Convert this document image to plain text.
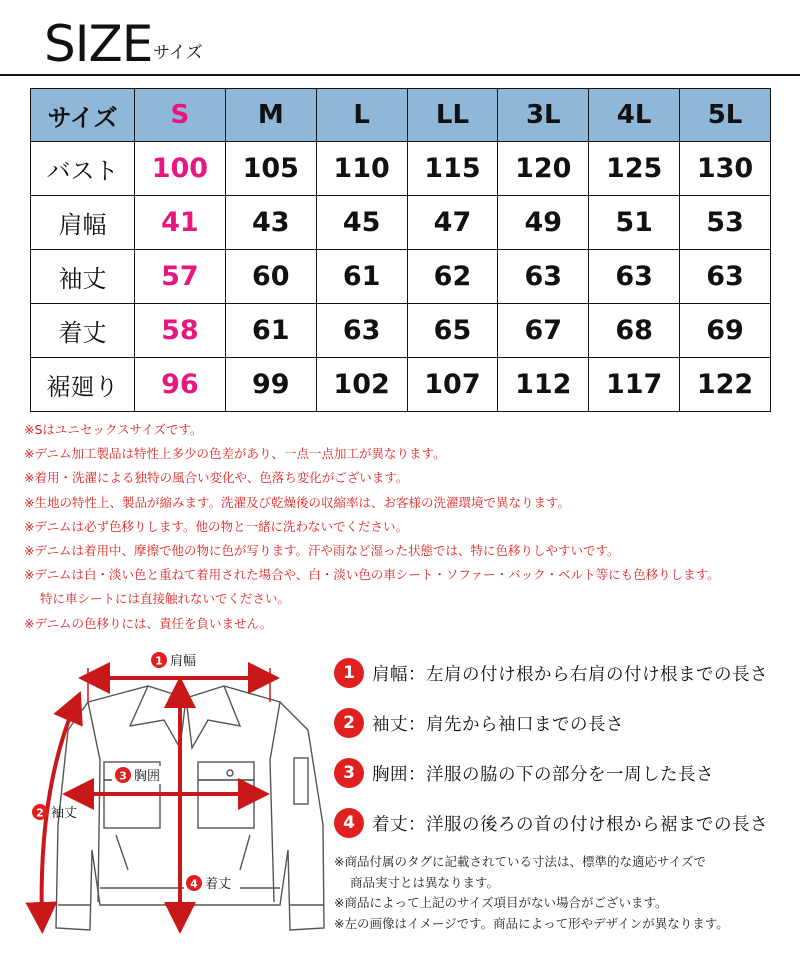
SIZE サイズ
サイズ	S	M	L	LL	3L	4L	5L
バスト	100	105	110	115	120	125	130
肩幅	41	43	45	47	49	51	53
袖丈	57	60	61	62	63	63	63
着丈	58	61	63	65	67	68	69
裾廻り	96	99	102	107	112	117	122
※Sはユニセックスサイズです。
※デニム加工製品は特性上多少の色差があり、一点一点加工が異なります。
※着用・洗濯による独特の風合い変化や、色落ち変化がございます。
※生地の特性上、製品が縮みます。洗濯及び乾燥後の収縮率は、お客様の洗濯環境で異なります。
※デニムは必ず色移りします。他の物と一緒に洗わないでください。
※デニムは着用中、摩擦で他の物に色が写ります。汗や雨など湿った状態では、特に色移りしやすいです。
※デニムは白・淡い色と重ねて着用された場合や、白・淡い色の車シート・ソファー・バック・ベルト等にも色移りします。
特に車シートには直接触れないでください。
※デニムの色移りには、責任を負いません。
1 肩幅
2 袖丈
3 胸囲
4 着丈
1 肩幅：左肩の付け根から右肩の付け根までの長さ
2 袖丈：肩先から袖口までの長さ
3 胸囲：洋服の脇の下の部分を一周した長さ
4 着丈：洋服の後ろの首の付け根から裾までの長さ
※商品付属のタグに記載されている寸法は、標準的な適応サイズで
商品実寸とは異なります。
※商品によって上記のサイズ項目がない場合がございます。
※左の画像はイメージです。商品によって形やデザインが異なります。
